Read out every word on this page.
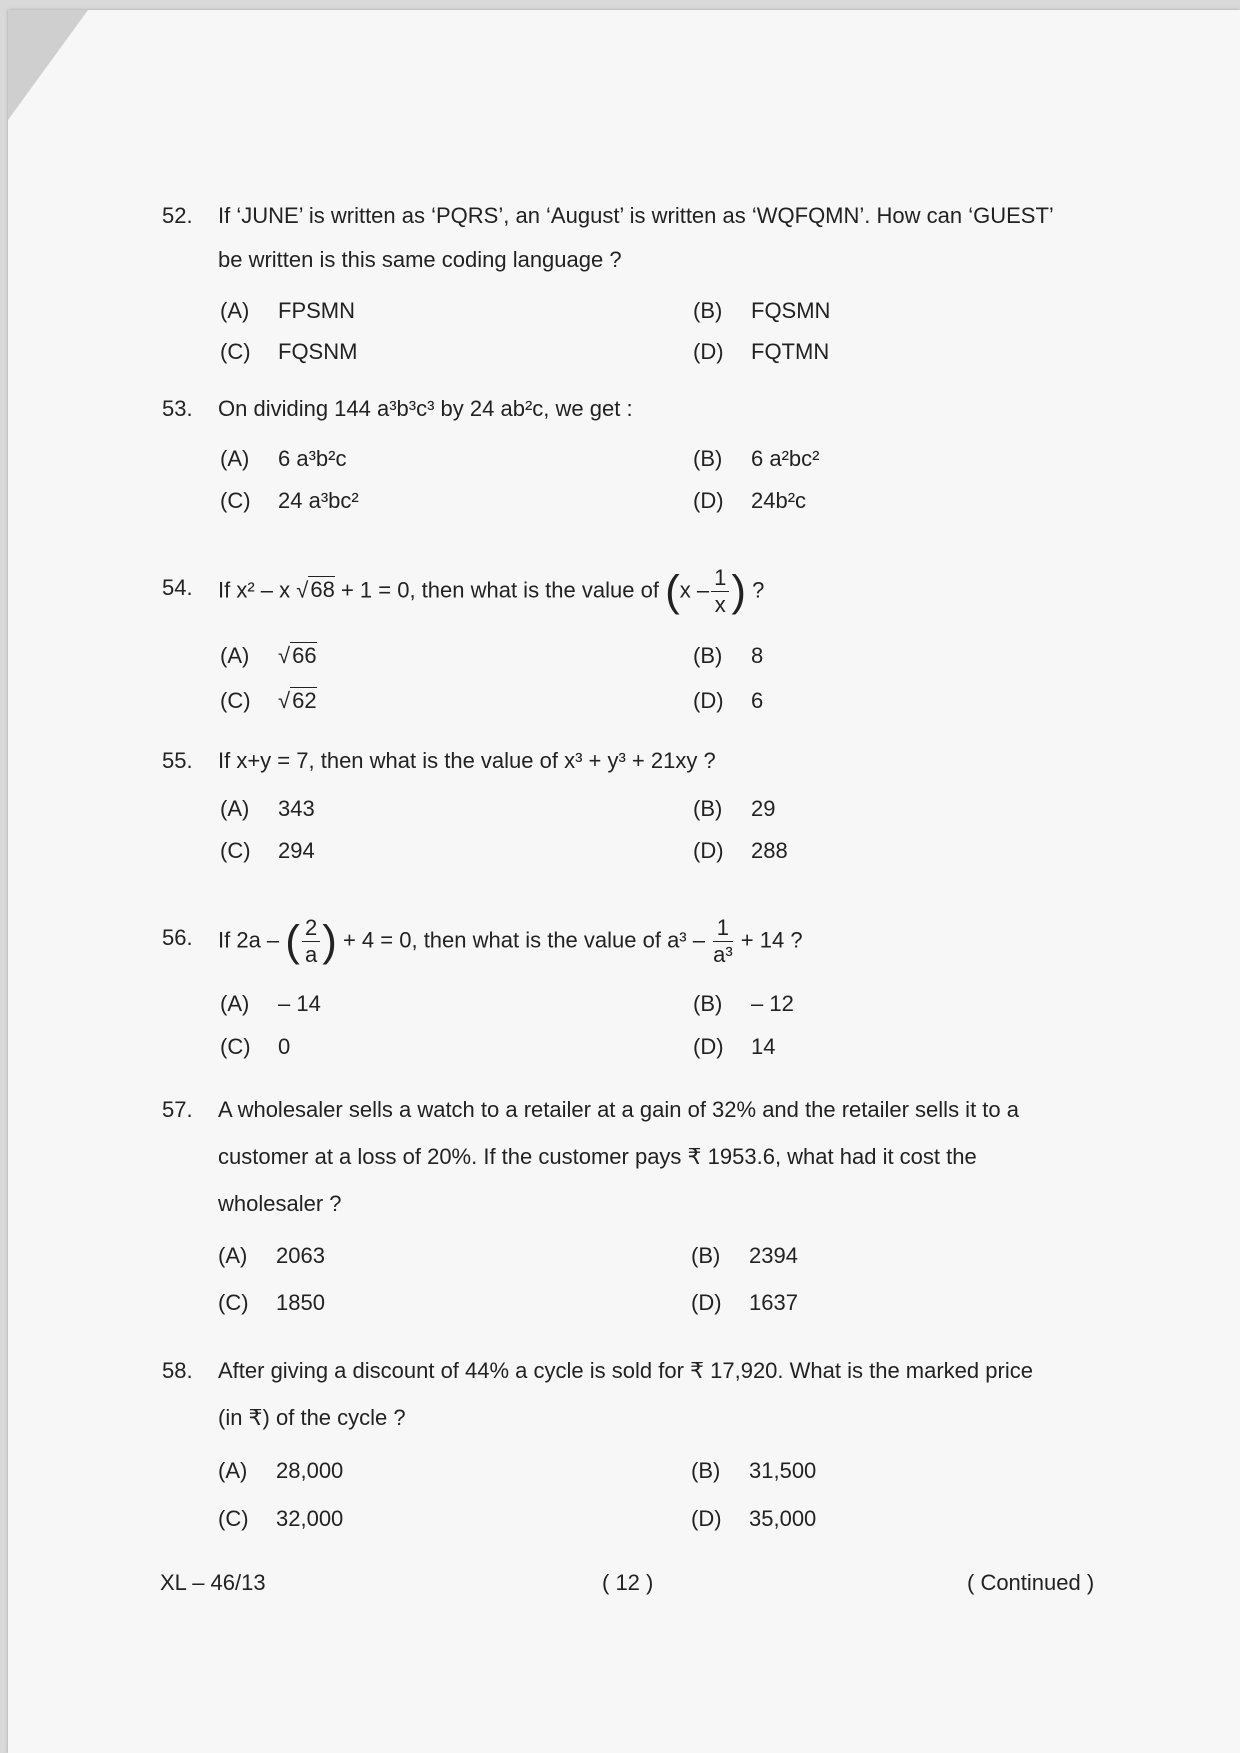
52.	If ‘JUNE’ is written as ‘PQRS’, an ‘August’ is written as ‘WQFQMN’. How can ‘GUEST’
be written is this same coding language ?
(A) FPSMN	(B) FQSMN
(C) FQSNM	(D) FQTMN
53.	On dividing 144 a³b³c³ by 24 ab²c, we get :
(A) 6 a³b²c	(B) 6 a²bc²
(C) 24 a³bc²	(D) 24b²c
54.	If x² – x √68 + 1 = 0, then what is the value of ($x - \frac{1}{x}$ ) ?
(A) √66	(B) 8
(C) √62	(D) 6
55.	If x+y = 7, then what is the value of x³ + y³ + 21xy ?
(A) 343	(B) 29
(C) 294	(D) 288
56.	If 2a – ( $\frac{2}{a}$ ) + 4 = 0, then what is the value of $a^3 - \frac{1}{\text{a³}} + 14$ ?
(A) – 14	(B) – 12
(C) 0	(D) 14
57.	A wholesaler sells a watch to a retailer at a gain of 32% and the retailer sells it to a
customer at a loss of 20%. If the customer pays ₹ 1953.6, what had it cost the
wholesaler ?
(A) 2063	(B) 2394
(C) 1850	(D) 1637
58.	After giving a discount of 44% a cycle is sold for ₹ 17,920. What is the marked price
(in ₹) of the cycle ?
(A) 28,000	(B) 31,500
(C) 32,000	(D) 35,000
XL – 46/13	( 12 )	( Continued )
